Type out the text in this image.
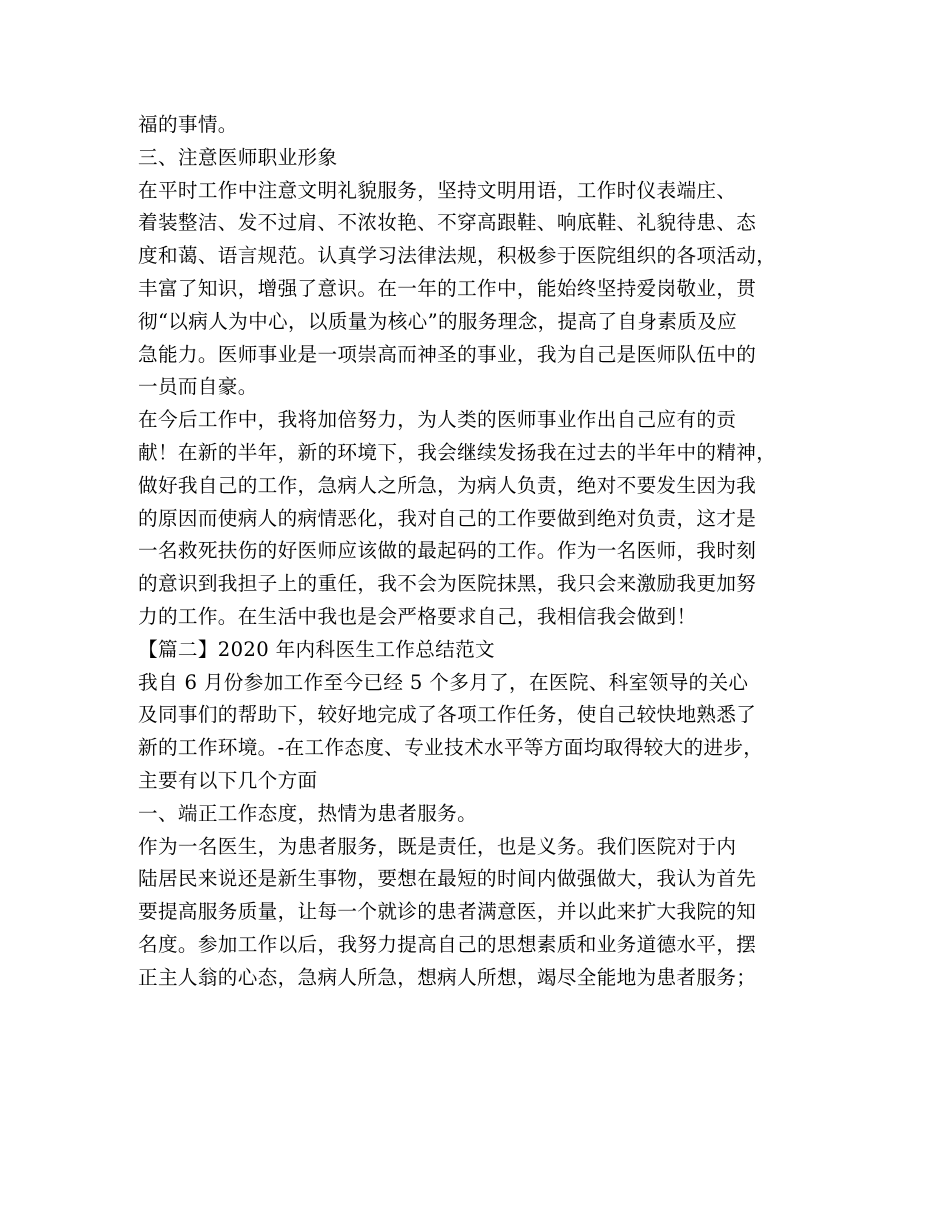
福的事情。
三、注意医师职业形象
在平时工作中注意文明礼貌服务，坚持文明用语，工作时仪表端庄、
着装整洁、发不过肩、不浓妆艳、不穿高跟鞋、响底鞋、礼貌待患、态
度和蔼、语言规范。认真学习法律法规，积极参于医院组织的各项活动，
丰富了知识，增强了意识。在一年的工作中，能始终坚持爱岗敬业，贯
彻“以病人为中心，以质量为核心”的服务理念，提高了自身素质及应
急能力。医师事业是一项崇高而神圣的事业，我为自己是医师队伍中的
一员而自豪。
在今后工作中，我将加倍努力，为人类的医师事业作出自己应有的贡
献！在新的半年，新的环境下，我会继续发扬我在过去的半年中的精神，
做好我自己的工作，急病人之所急，为病人负责，绝对不要发生因为我
的原因而使病人的病情恶化，我对自己的工作要做到绝对负责，这才是
一名救死扶伤的好医师应该做的最起码的工作。作为一名医师，我时刻
的意识到我担子上的重任，我不会为医院抹黑，我只会来激励我更加努
力的工作。在生活中我也是会严格要求自己，我相信我会做到！
【篇二】2020 年内科医生工作总结范文
我自 6 月份参加工作至今已经 5 个多月了，在医院、科室领导的关心
及同事们的帮助下，较好地完成了各项工作任务，使自己较快地熟悉了
新的工作环境。-在工作态度、专业技术水平等方面均取得较大的进步，
主要有以下几个方面
一、端正工作态度，热情为患者服务。
作为一名医生，为患者服务，既是责任，也是义务。我们医院对于内
陆居民来说还是新生事物，要想在最短的时间内做强做大，我认为首先
要提高服务质量，让每一个就诊的患者满意医，并以此来扩大我院的知
名度。参加工作以后，我努力提高自己的思想素质和业务道德水平，摆
正主人翁的心态，急病人所急，想病人所想，竭尽全能地为患者服务；
